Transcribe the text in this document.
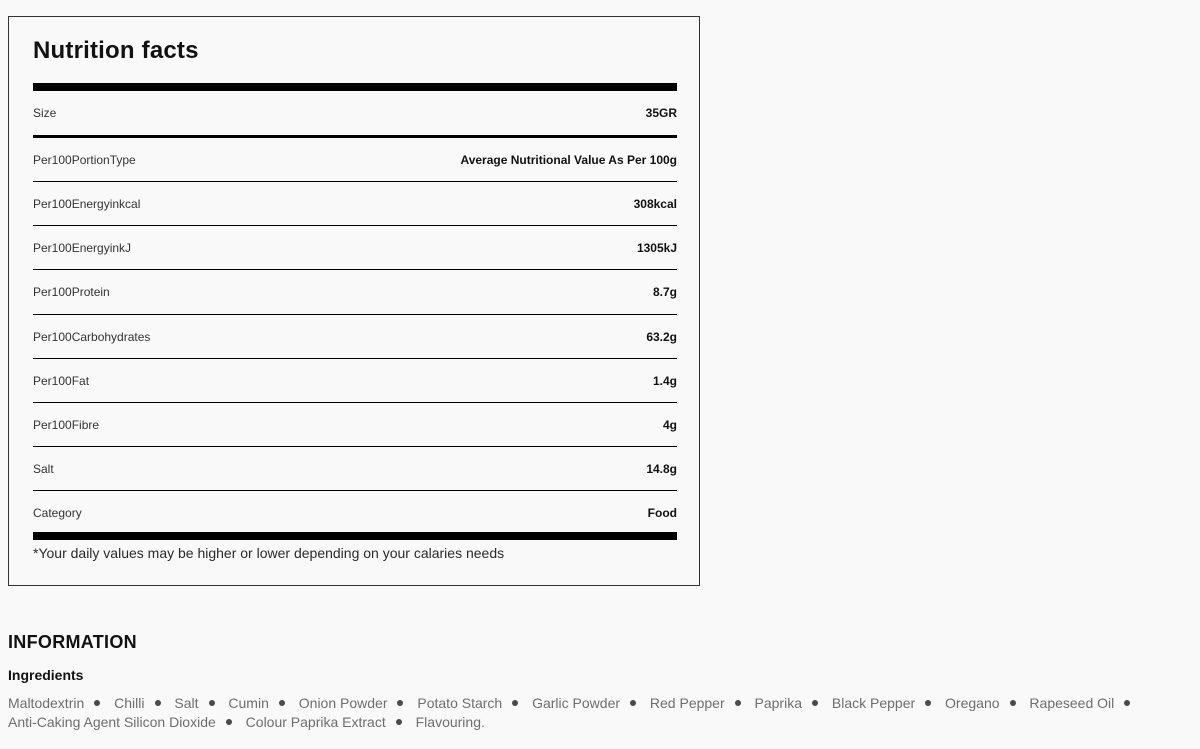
Nutrition facts
Size	35GR
Per100PortionType	Average Nutritional Value As Per 100g
Per100Energyinkcal	308kcal
Per100EnergyinkJ	1305kJ
Per100Protein	8.7g
Per100Carbohydrates	63.2g
Per100Fat	1.4g
Per100Fibre	4g
Salt	14.8g
Category	Food
*Your daily values may be higher or lower depending on your calaries needs
INFORMATION
Ingredients
Maltodextrin Chilli Salt Cumin Onion Powder Potato Starch Garlic Powder Red Pepper Paprika Black Pepper Oregano Rapeseed Oil
Anti-Caking Agent Silicon Dioxide Colour Paprika Extract Flavouring.
